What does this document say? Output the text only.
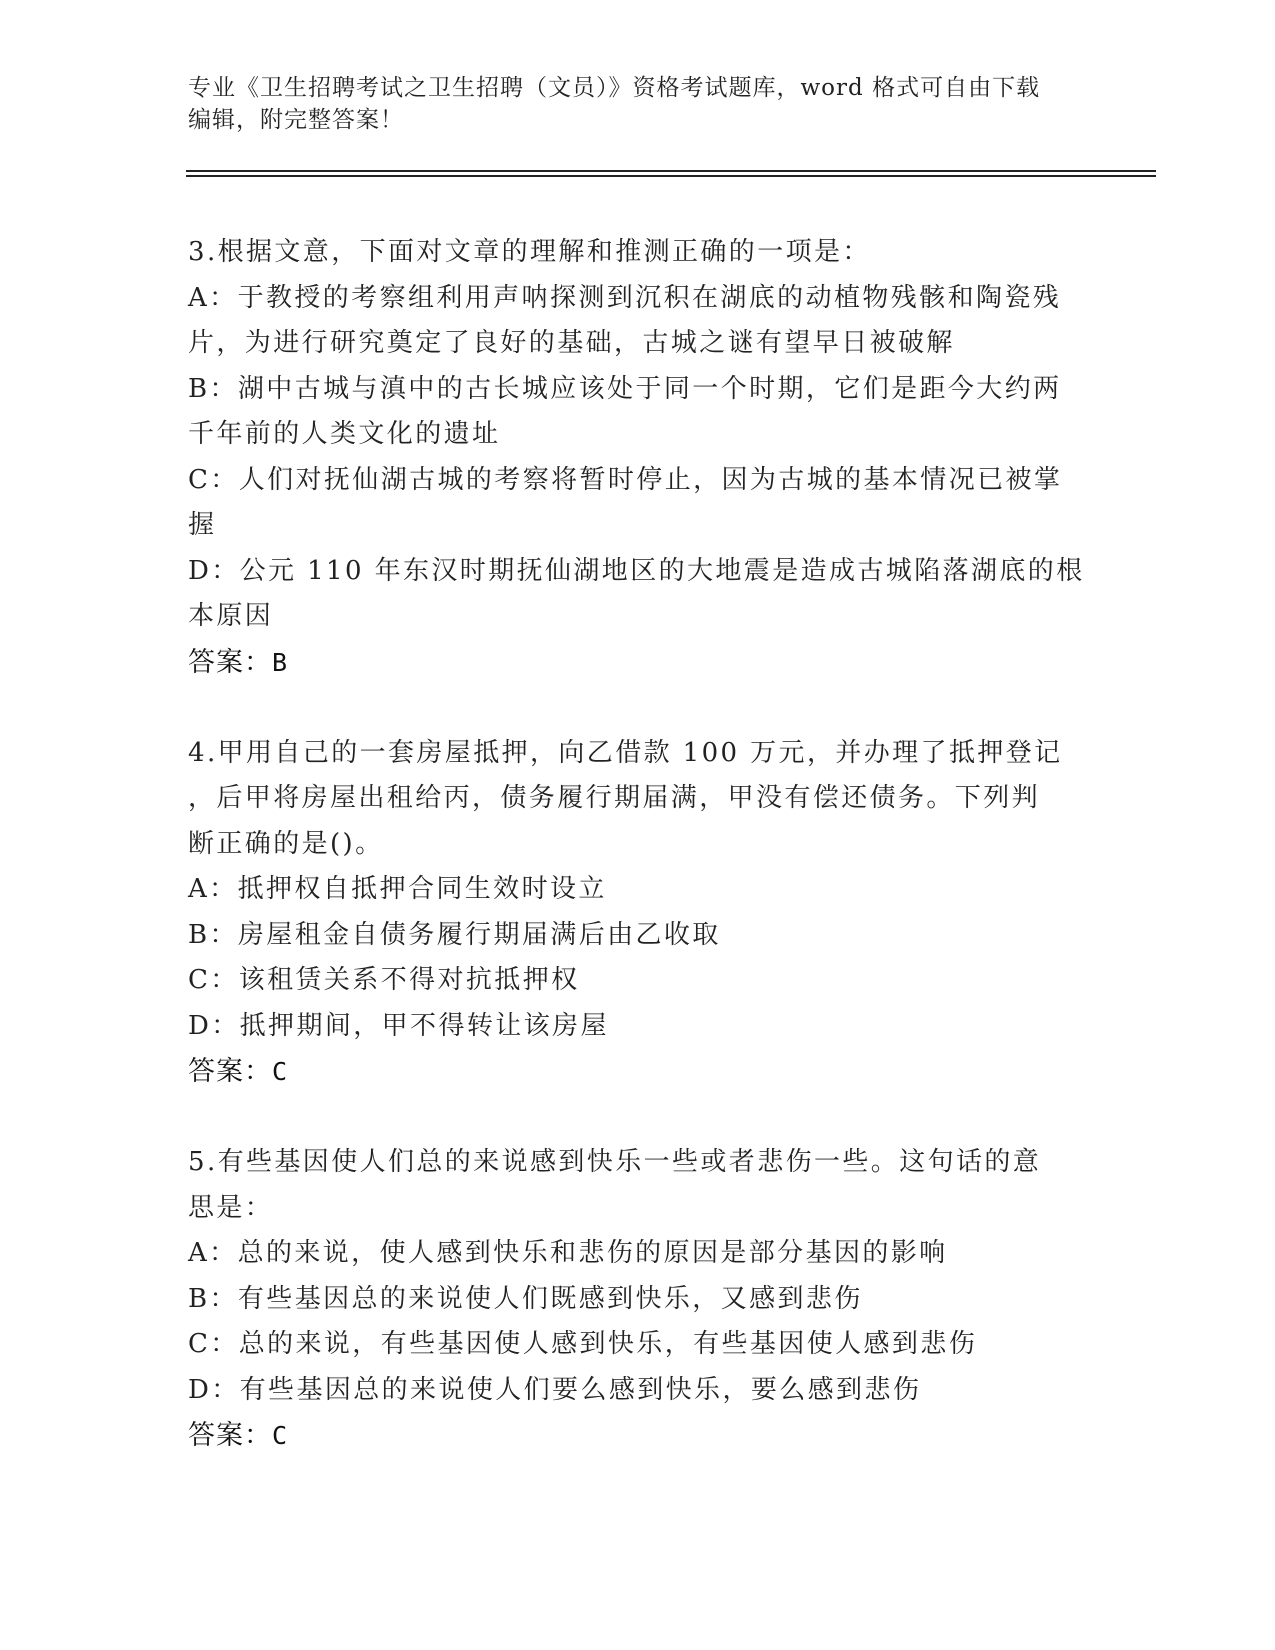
专业《卫生招聘考试之卫生招聘（文员）》资格考试题库，word 格式可自由下载
编辑，附完整答案！
3.根据文意，下面对文章的理解和推测正确的一项是：
A：于教授的考察组利用声呐探测到沉积在湖底的动植物残骸和陶瓷残
片，为进行研究奠定了良好的基础，古城之谜有望早日被破解
B：湖中古城与滇中的古长城应该处于同一个时期，它们是距今大约两
千年前的人类文化的遗址
C：人们对抚仙湖古城的考察将暂时停止，因为古城的基本情况已被掌
握
D：公元 110 年东汉时期抚仙湖地区的大地震是造成古城陷落湖底的根
本原因
答案：B
4.甲用自己的一套房屋抵押，向乙借款 100 万元，并办理了抵押登记
，后甲将房屋出租给丙，债务履行期届满，甲没有偿还债务。下列判
断正确的是()。
A：抵押权自抵押合同生效时设立
B：房屋租金自债务履行期届满后由乙收取
C：该租赁关系不得对抗抵押权
D：抵押期间，甲不得转让该房屋
答案：C
5.有些基因使人们总的来说感到快乐一些或者悲伤一些。这句话的意
思是：
A：总的来说，使人感到快乐和悲伤的原因是部分基因的影响
B：有些基因总的来说使人们既感到快乐，又感到悲伤
C：总的来说，有些基因使人感到快乐，有些基因使人感到悲伤
D：有些基因总的来说使人们要么感到快乐，要么感到悲伤
答案：C
